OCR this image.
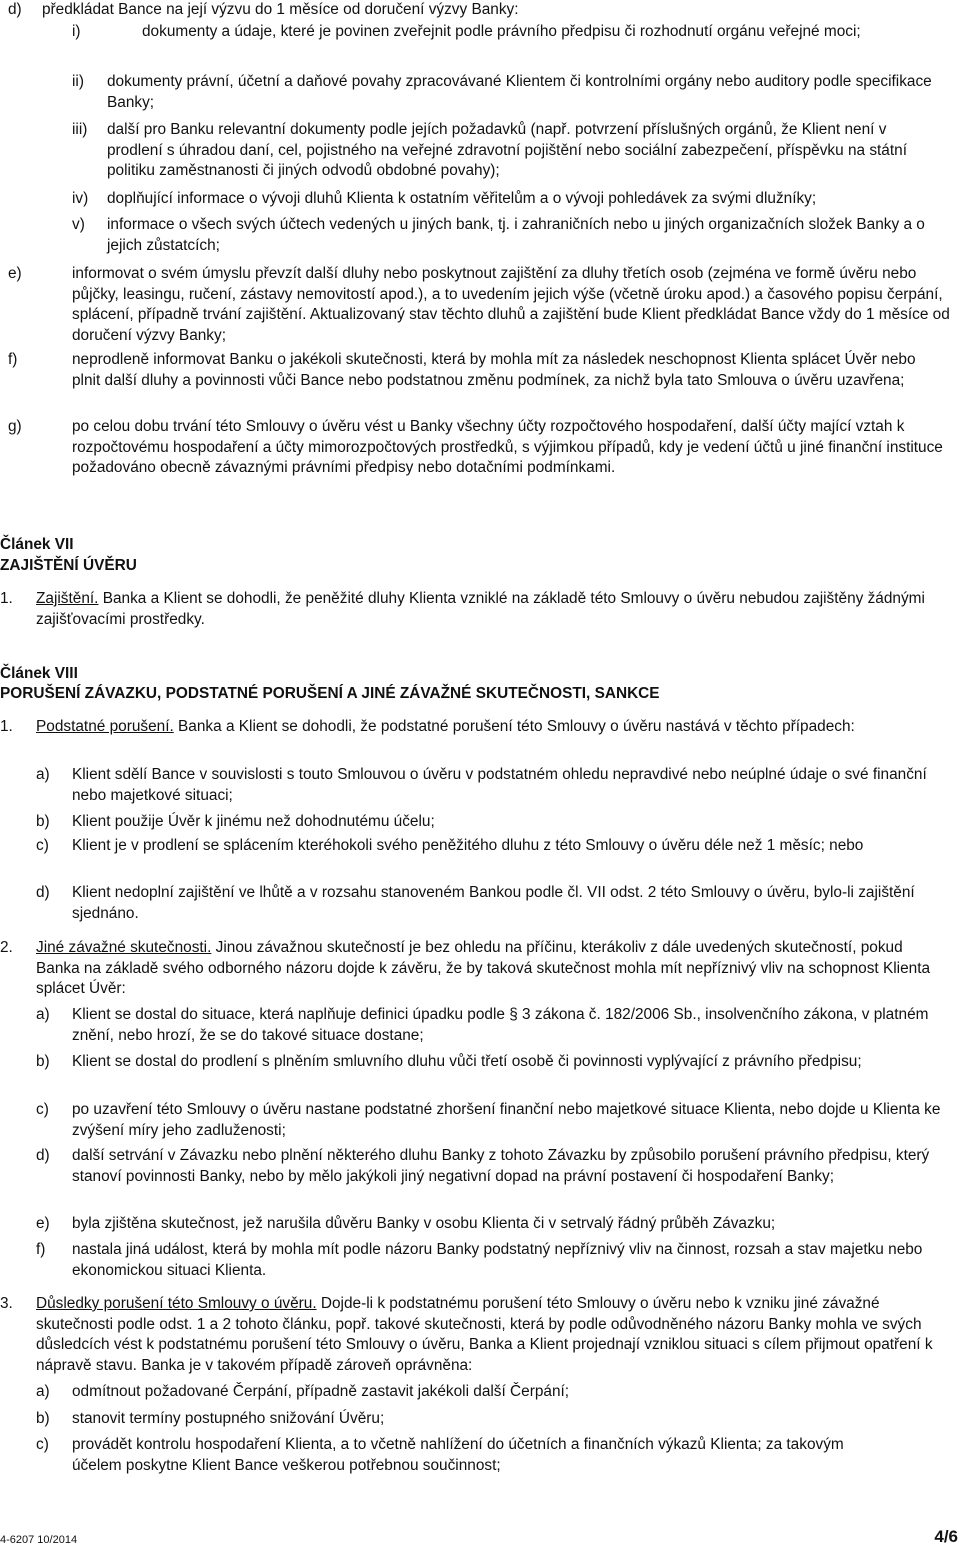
d) předkládat Bance na její výzvu do 1 měsíce od doručení výzvy Banky:
i)	dokumenty a údaje, které je povinen zveřejnit podle právního předpisu či rozhodnutí orgánu veřejné moci;
ii) dokumenty právní, účetní a daňové povahy zpracovávané Klientem či kontrolními orgány nebo auditory podle specifikace Banky;
iii) další pro Banku relevantní dokumenty podle jejích požadavků (např. potvrzení příslušných orgánů, že Klient není v prodlení s úhradou daní, cel, pojistného na veřejné zdravotní pojištění nebo sociální zabezpečení, příspěvku na státní politiku zaměstnanosti či jiných odvodů obdobné povahy);
iv) doplňující informace o vývoji dluhů Klienta k ostatním věřitelům a o vývoji pohledávek za svými dlužníky;
v) informace o všech svých účtech vedených u jiných bank, tj. i zahraničních nebo u jiných organizačních složek Banky a o jejich zůstatcích;
e)	informovat o svém úmyslu převzít další dluhy nebo poskytnout zajištění za dluhy třetích osob (zejména ve formě úvěru nebo půjčky, leasingu, ručení, zástavy nemovitostí apod.), a to uvedením jejich výše (včetně úroku apod.) a časového popisu čerpání, splácení, případně trvání zajištění. Aktualizovaný stav těchto dluhů a zajištění bude Klient předkládat Bance vždy do 1 měsíce od doručení výzvy Banky;
f)	neprodleně informovat Banku o jakékoli skutečnosti, která by mohla mít za následek neschopnost Klienta splácet Úvěr nebo plnit další dluhy a povinnosti vůči Bance nebo podstatnou změnu podmínek, za nichž byla tato Smlouva o úvěru uzavřena;
g)	po celou dobu trvání této Smlouvy o úvěru vést u Banky všechny účty rozpočtového hospodaření, další účty mající vztah k rozpočtovému hospodaření a účty mimorozpočtových prostředků, s výjimkou případů, kdy je vedení účtů u jiné finanční instituce požadováno obecně závaznými právními předpisy nebo dotačními podmínkami.
Článek VII
ZAJIŠTĚNÍ ÚVĚRU
1. Zajištění. Banka a Klient se dohodli, že peněžité dluhy Klienta vzniklé na základě této Smlouvy o úvěru nebudou zajištěny žádnými zajišťovacími prostředky.
Článek VIII
PORUŠENÍ ZÁVAZKU, PODSTATNÉ PORUŠENÍ A JINÉ ZÁVAŽNÉ SKUTEČNOSTI, SANKCE
1. Podstatné porušení. Banka a Klient se dohodli, že podstatné porušení této Smlouvy o úvěru nastává v těchto případech:
a) Klient sdělí Bance v souvislosti s touto Smlouvou o úvěru v podstatném ohledu nepravdivé nebo neúplné údaje o své finanční nebo majetkové situaci;
b) Klient použije Úvěr k jinému než dohodnutému účelu;
c) Klient je v prodlení se splácením kteréhokoli svého peněžitého dluhu z této Smlouvy o úvěru déle než 1 měsíc; nebo
d) Klient nedoplní zajištění ve lhůtě a v rozsahu stanoveném Bankou podle čl. VII odst. 2 této Smlouvy o úvěru, bylo-li zajištění sjednáno.
2. Jiné závažné skutečnosti. Jinou závažnou skutečností je bez ohledu na příčinu, kterákoliv z dále uvedených skutečností, pokud Banka na základě svého odborného názoru dojde k závěru, že by taková skutečnost mohla mít nepříznivý vliv na schopnost Klienta splácet Úvěr:
a) Klient se dostal do situace, která naplňuje definici úpadku podle § 3 zákona č. 182/2006 Sb., insolvenčního zákona, v platném znění, nebo hrozí, že se do takové situace dostane;
b) Klient se dostal do prodlení s plněním smluvního dluhu vůči třetí osobě či povinnosti vyplývající z právního předpisu;
c) po uzavření této Smlouvy o úvěru nastane podstatné zhoršení finanční nebo majetkové situace Klienta, nebo dojde u Klienta ke zvýšení míry jeho zadluženosti;
d) další setrvání v Závazku nebo plnění některého dluhu Banky z tohoto Závazku by způsobilo porušení právního předpisu, který stanoví povinnosti Banky, nebo by mělo jakýkoli jiný negativní dopad na právní postavení či hospodaření Banky;
e) byla zjištěna skutečnost, jež narušila důvěru Banky v osobu Klienta či v setrvalý řádný průběh Závazku;
f) nastala jiná událost, která by mohla mít podle názoru Banky podstatný nepříznivý vliv na činnost, rozsah a stav majetku nebo ekonomickou situaci Klienta.
3. Důsledky porušení této Smlouvy o úvěru. Dojde-li k podstatnému porušení této Smlouvy o úvěru nebo k vzniku jiné závažné skutečnosti podle odst. 1 a 2 tohoto článku, popř. takové skutečnosti, která by podle odůvodněného názoru Banky mohla ve svých důsledcích vést k podstatnému porušení této Smlouvy o úvěru, Banka a Klient projednají vzniklou situaci s cílem přijmout opatření k nápravě stavu. Banka je v takovém případě zároveň oprávněna:
a) odmítnout požadované Čerpání, případně zastavit jakékoli další Čerpání;
b) stanovit termíny postupného snižování Úvěru;
c) provádět kontrolu hospodaření Klienta, a to včetně nahlížení do účetních a finančních výkazů Klienta; za takovým účelem poskytne Klient Bance veškerou potřebnou součinnost;
4-6207 10/2014	4/6
